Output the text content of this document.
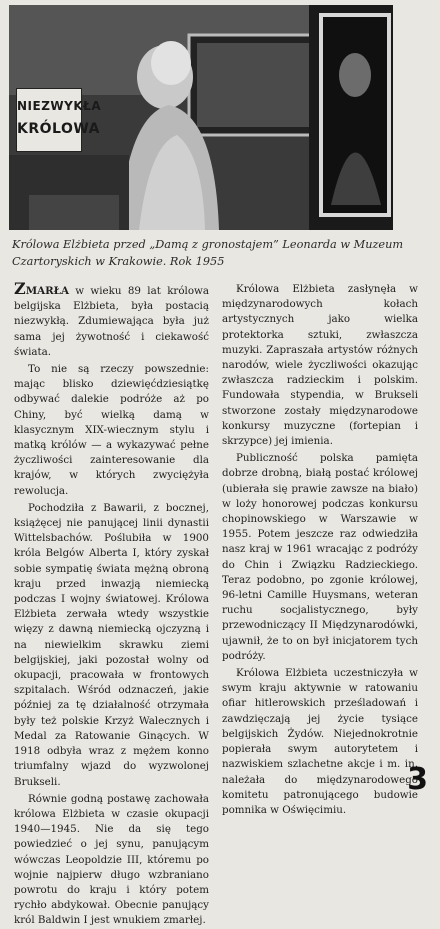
NIEZWYKŁA
KRÓLOWA
Królowa Elżbieta przed „Damą z gronostajem” Leonarda w Muzeum Czartoryskich w Krakowie. Rok 1955

ZMARŁA w wieku 89 lat królowa belgijska Elżbieta, była postacią niezwykłą. Zdumiewająca była już sama jej żywotność i ciekawość świata.

To nie są rzeczy powszednie: mając blisko dziewięćdziesiątkę odbywać dalekie podróże aż po Chiny, być wielką damą w klasycznym XIX-wiecznym stylu i matką królów — a wykazywać pełne życzliwości zainteresowanie dla krajów, w których zwyciężyła rewolucja.

Pochodziła z Bawarii, z bocznej, książęcej nie panującej linii dynastii Wittelsbachów. Poślubiła w 1900 króla Belgów Alberta I, który zyskał sobie sympatię świata mężną obroną kraju przed inwazją niemiecką podczas I wojny światowej. Królowa Elżbieta zerwała wtedy wszystkie więzy z dawną niemiecką ojczyzną i na niewielkim skrawku ziemi belgijskiej, jaki pozostał wolny od okupacji, pracowała w frontowych szpitalach. Wśród odznaczeń, jakie później za tę działalność otrzymała były też polskie Krzyż Walecznych i Medal za Ratowanie Ginących. W 1918 odbyła wraz z mężem konno triumfalny wjazd do wyzwolonej Brukseli.

Równie godną postawę zachowała królowa Elżbieta w czasie okupacji 1940—1945. Nie da się tego powiedzieć o jej synu, panującym wówczas Leopoldzie III, któremu po wojnie najpierw długo wzbraniano powrotu do kraju i który potem rychło abdykował. Obecnie panujący król Baldwin I jest wnukiem zmarłej.

Królowa Elżbieta zasłynęła w międzynarodowych kołach artystycznych jako wielka protektorka sztuki, zwłaszcza muzyki. Zapraszała artystów różnych narodów, wiele życzliwości okazując zwłaszcza radzieckim i polskim. Fundowała stypendia, w Brukseli stworzone zostały międzynarodowe konkursy muzyczne (fortepian i skrzypce) jej imienia.

Publiczność polska pamięta dobrze drobną, białą postać królowej (ubierała się prawie zawsze na biało) w loży honorowej podczas konkursu chopinowskiego w Warszawie w 1955. Potem jeszcze raz odwiedziła nasz kraj w 1961 wracając z podróży do Chin i Związku Radzieckiego. Teraz podobno, po zgonie królowej, 96-letni Camille Huysmans, weteran ruchu socjalistycznego, były przewodniczący II Międzynarodówki, ujawnił, że to on był inicjatorem tych podróży.

Królowa Elżbieta uczestniczyła w swym kraju aktywnie w ratowaniu ofiar hitlerowskich prześladowań i zawdzięczają jej życie tysiące belgijskich Żydów. Niejednokrotnie popierała swym autorytetem i nazwiskiem szlachetne akcje i m. in. należała do międzynarodowego komitetu patronującego budowie pomnika w Oświęcimiu.

3
